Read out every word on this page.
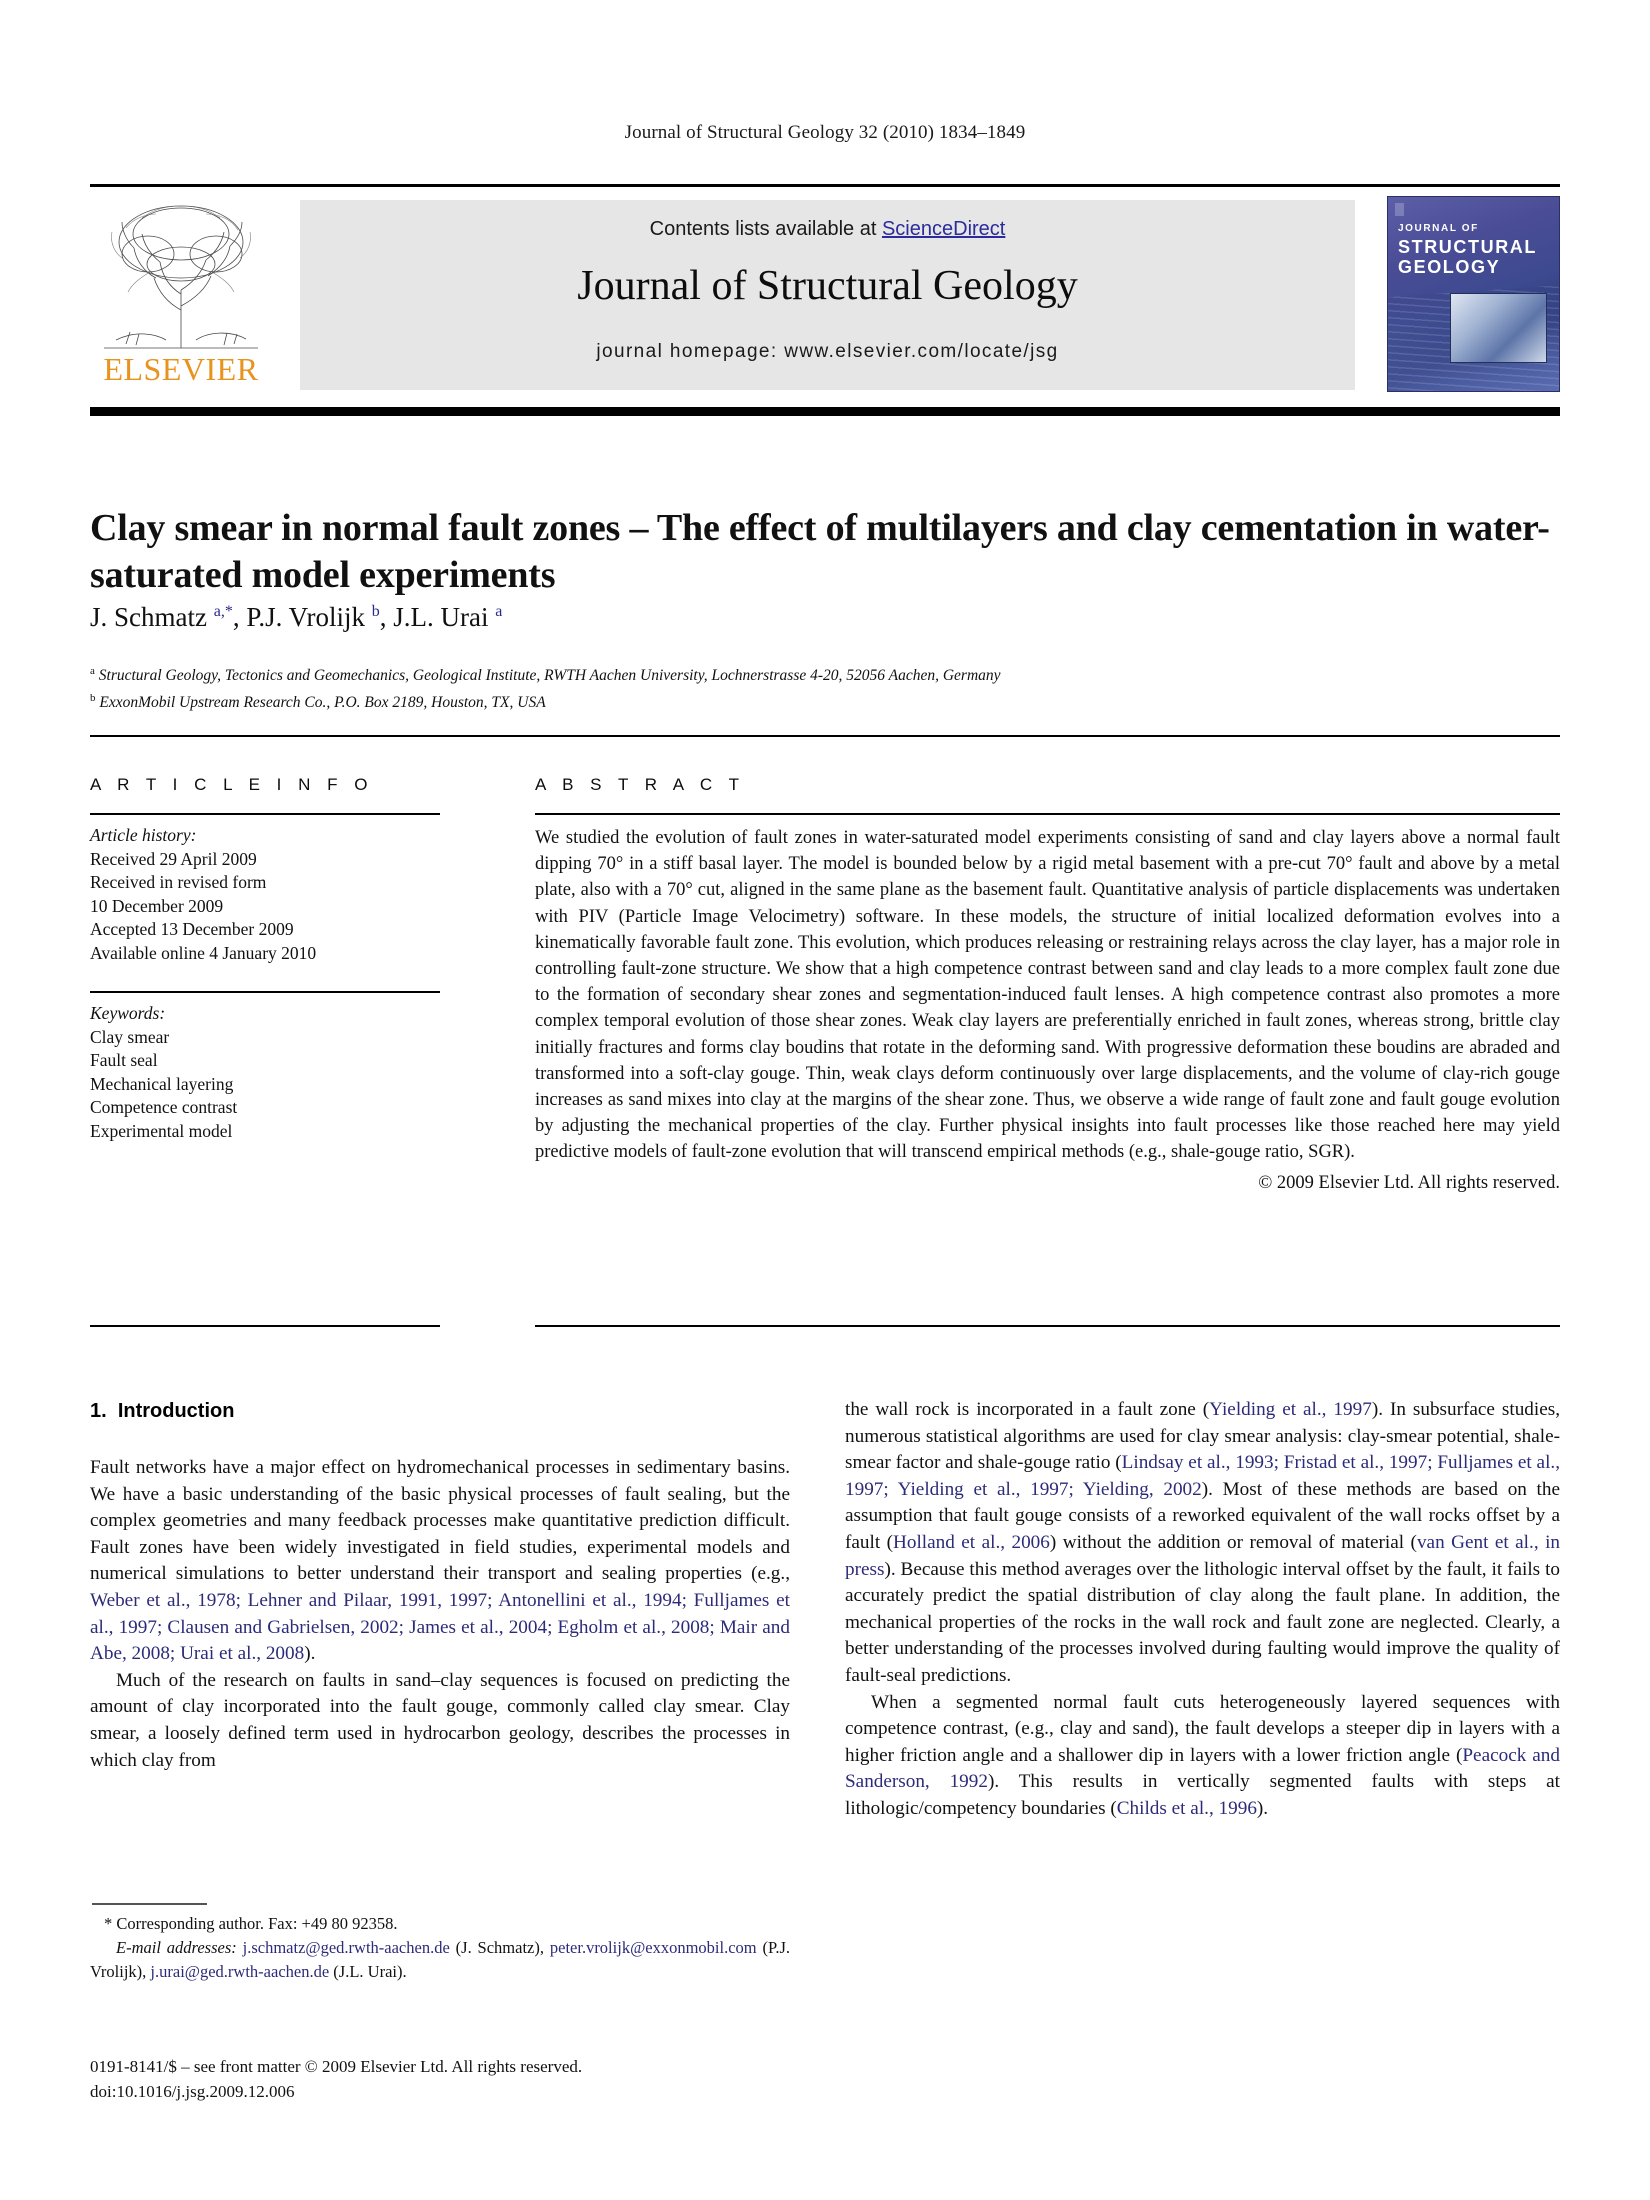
Journal of Structural Geology 32 (2010) 1834–1849
ELSEVIER
Contents lists available at ScienceDirect
Journal of Structural Geology
journal homepage: www.elsevier.com/locate/jsg
JOURNAL OF
STRUCTURAL
GEOLOGY
Clay smear in normal fault zones – The effect of multilayers and clay cementation in water-saturated model experiments
J. Schmatz $^{a,*}$, P.J. Vrolijk $^b$, J.L. Urai $^a$
$^a$ Structural Geology, Tectonics and Geomechanics, Geological Institute, RWTH Aachen University, Lochnerstrasse 4-20, 52056 Aachen, Germany
$^b$ ExxonMobil Upstream Research Co., P.O. Box 2189, Houston, TX, USA
A R T I C L E I N F O
Article history:
Received 29 April 2009
Received in revised form
10 December 2009
Accepted 13 December 2009
Available online 4 January 2010
Keywords:
Clay smear
Fault seal
Mechanical layering
Competence contrast
Experimental model
A B S T R A C T
We studied the evolution of fault zones in water-saturated model experiments consisting of sand and clay layers above a normal fault dipping 70° in a stiff basal layer. The model is bounded below by a rigid metal basement with a pre-cut 70° fault and above by a metal plate, also with a 70° cut, aligned in the same plane as the basement fault. Quantitative analysis of particle displacements was undertaken with PIV (Particle Image Velocimetry) software. In these models, the structure of initial localized deformation evolves into a kinematically favorable fault zone. This evolution, which produces releasing or restraining relays across the clay layer, has a major role in controlling fault-zone structure. We show that a high competence contrast between sand and clay leads to a more complex fault zone due to the formation of secondary shear zones and segmentation-induced fault lenses. A high competence contrast also promotes a more complex temporal evolution of those shear zones. Weak clay layers are preferentially enriched in fault zones, whereas strong, brittle clay initially fractures and forms clay boudins that rotate in the deforming sand. With progressive deformation these boudins are abraded and transformed into a soft-clay gouge. Thin, weak clays deform continuously over large displacements, and the volume of clay-rich gouge increases as sand mixes into clay at the margins of the shear zone. Thus, we observe a wide range of fault zone and fault gouge evolution by adjusting the mechanical properties of the clay. Further physical insights into fault processes like those reached here may yield predictive models of fault-zone evolution that will transcend empirical methods (e.g., shale-gouge ratio, SGR).
© 2009 Elsevier Ltd. All rights reserved.
1. Introduction

Fault networks have a major effect on hydromechanical processes in sedimentary basins. We have a basic understanding of the basic physical processes of fault sealing, but the complex geometries and many feedback processes make quantitative prediction difficult. Fault zones have been widely investigated in field studies, experimental models and numerical simulations to better understand their transport and sealing properties (e.g., Weber et al., 1978; Lehner and Pilaar, 1991, 1997; Antonellini et al., 1994; Fulljames et al., 1997; Clausen and Gabrielsen, 2002; James et al., 2004; Egholm et al., 2008; Mair and Abe, 2008; Urai et al., 2008).

Much of the research on faults in sand–clay sequences is focused on predicting the amount of clay incorporated into the fault gouge, commonly called clay smear. Clay smear, a loosely defined term used in hydrocarbon geology, describes the processes in which clay from

the wall rock is incorporated in a fault zone (Yielding et al., 1997). In subsurface studies, numerous statistical algorithms are used for clay smear analysis: clay-smear potential, shale-smear factor and shale-gouge ratio (Lindsay et al., 1993; Fristad et al., 1997; Fulljames et al., 1997; Yielding et al., 1997; Yielding, 2002). Most of these methods are based on the assumption that fault gouge consists of a reworked equivalent of the wall rocks offset by a fault (Holland et al., 2006) without the addition or removal of material (van Gent et al., in press). Because this method averages over the lithologic interval offset by the fault, it fails to accurately predict the spatial distribution of clay along the fault plane. In addition, the mechanical properties of the rocks in the wall rock and fault zone are neglected. Clearly, a better understanding of the processes involved during faulting would improve the quality of fault-seal predictions.

When a segmented normal fault cuts heterogeneously layered sequences with competence contrast, (e.g., clay and sand), the fault develops a steeper dip in layers with a higher friction angle and a shallower dip in layers with a lower friction angle (Peacock and Sanderson, 1992). This results in vertically segmented faults with steps at lithologic/competency boundaries (Childs et al., 1996).

* Corresponding author. Fax: +49 80 92358.
E-mail addresses: j.schmatz@ged.rwth-aachen.de (J. Schmatz), peter.vrolijk@exxonmobil.com (P.J. Vrolijk), j.urai@ged.rwth-aachen.de (J.L. Urai).
0191-8141/$ – see front matter © 2009 Elsevier Ltd. All rights reserved.
doi:10.1016/j.jsg.2009.12.006
